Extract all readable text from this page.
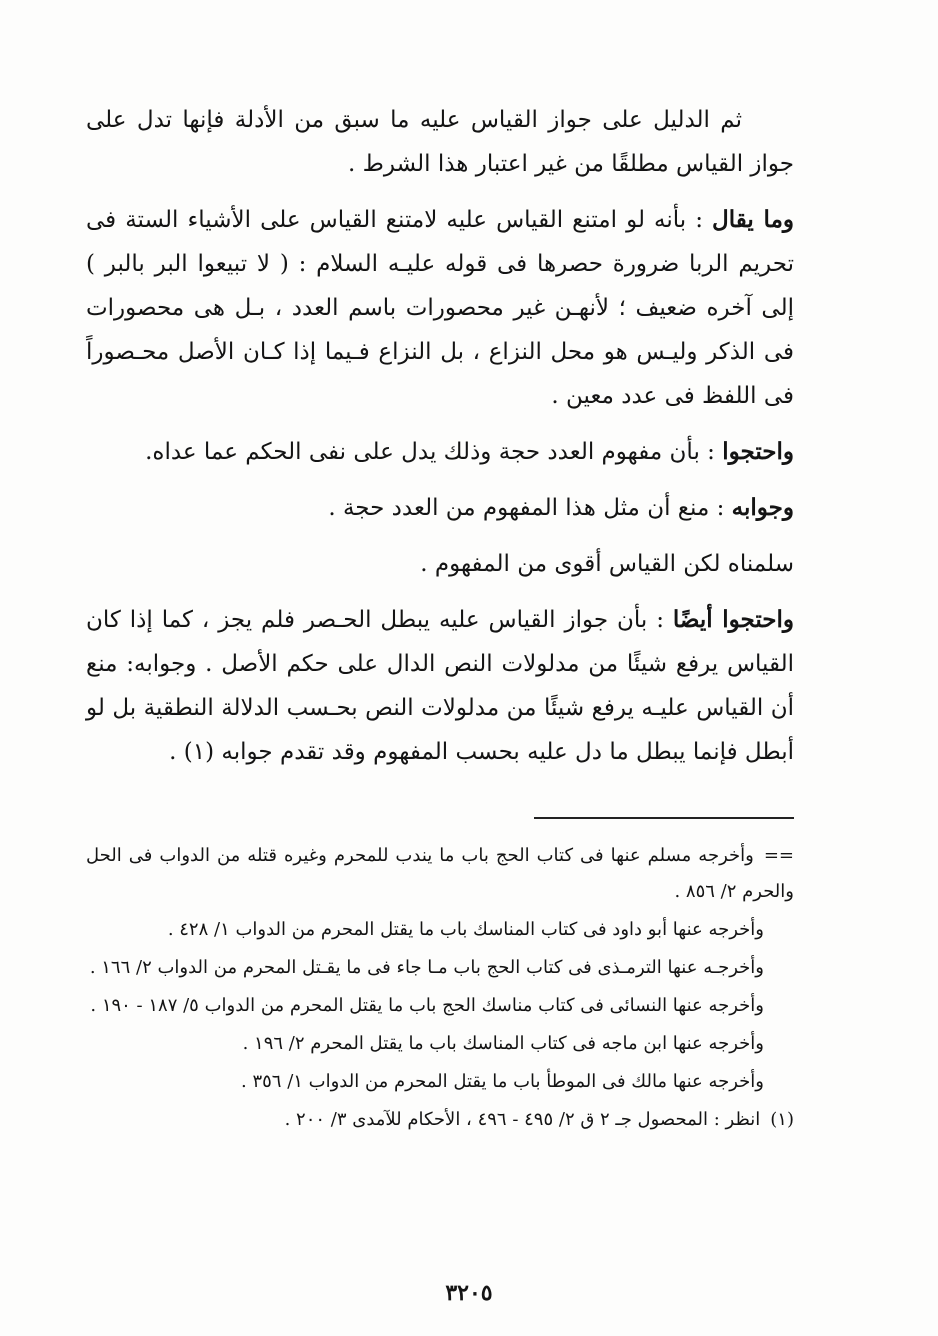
ثم الدليل على جواز القياس عليه ما سبق من الأدلة فإنها تدل على جواز القياس مطلقًا من غير اعتبار هذا الشرط .

وما يقال : بأنه لو امتنع القياس عليه لامتنع القياس على الأشياء الستة فى تحريم الربا ضرورة حصرها فى قوله عليـه السلام : ( لا تبيعوا البر بالبر ) إلى آخره ضعيف ؛ لأنهـن غير محصورات باسم العدد ، بـل هى محصورات فى الذكر وليـس هو محل النزاع ، بل النزاع فـيما إذا كـان الأصل محـصوراً فى اللفظ فى عدد معين .

واحتجوا : بأن مفهوم العدد حجة وذلك يدل على نفى الحكم عما عداه.

وجوابه : منع أن مثل هذا المفهوم من العدد حجة .

سلمناه لكن القياس أقوى من المفهوم .

واحتجوا أيضًا : بأن جواز القياس عليه يبطل الحـصر فلم يجز ، كما إذا كان القياس يرفع شيئًا من مدلولات النص الدال على حكم الأصل . وجوابه: منع أن القياس عليـه يرفع شيئًا من مدلولات النص بحـسب الدلالة النطقية بل لو أبطل فإنما يبطل ما دل عليه بحسب المفهوم وقد تقدم جوابه (١) .

==وأخرجه مسلم عنها فى كتاب الحج باب ما يندب للمحرم وغيره قتله من الدواب فى الحل والحرم ٢/ ٨٥٦ .

وأخرجه عنها أبو داود فى كتاب المناسك باب ما يقتل المحرم من الدواب ١/ ٤٢٨ .

وأخرجـه عنها الترمـذى فى كتاب الحج باب مـا جاء فى ما يقـتل المحرم من الدواب ٢/ ١٦٦ .

وأخرجه عنها النسائى فى كتاب مناسك الحج باب ما يقتل المحرم من الدواب ٥/ ١٨٧ - ١٩٠ .

وأخرجه عنها ابن ماجه فى كتاب المناسك باب ما يقتل المحرم ٢/ ١٩٦ .

وأخرجه عنها مالك فى الموطأ باب ما يقتل المحرم من الدواب ١/ ٣٥٦ .

(١)انظر : المحصول جـ ٢ ق ٢/ ٤٩٥ - ٤٩٦ ، الأحكام للآمدى ٣/ ٢٠٠ .

٣٢٠٥
